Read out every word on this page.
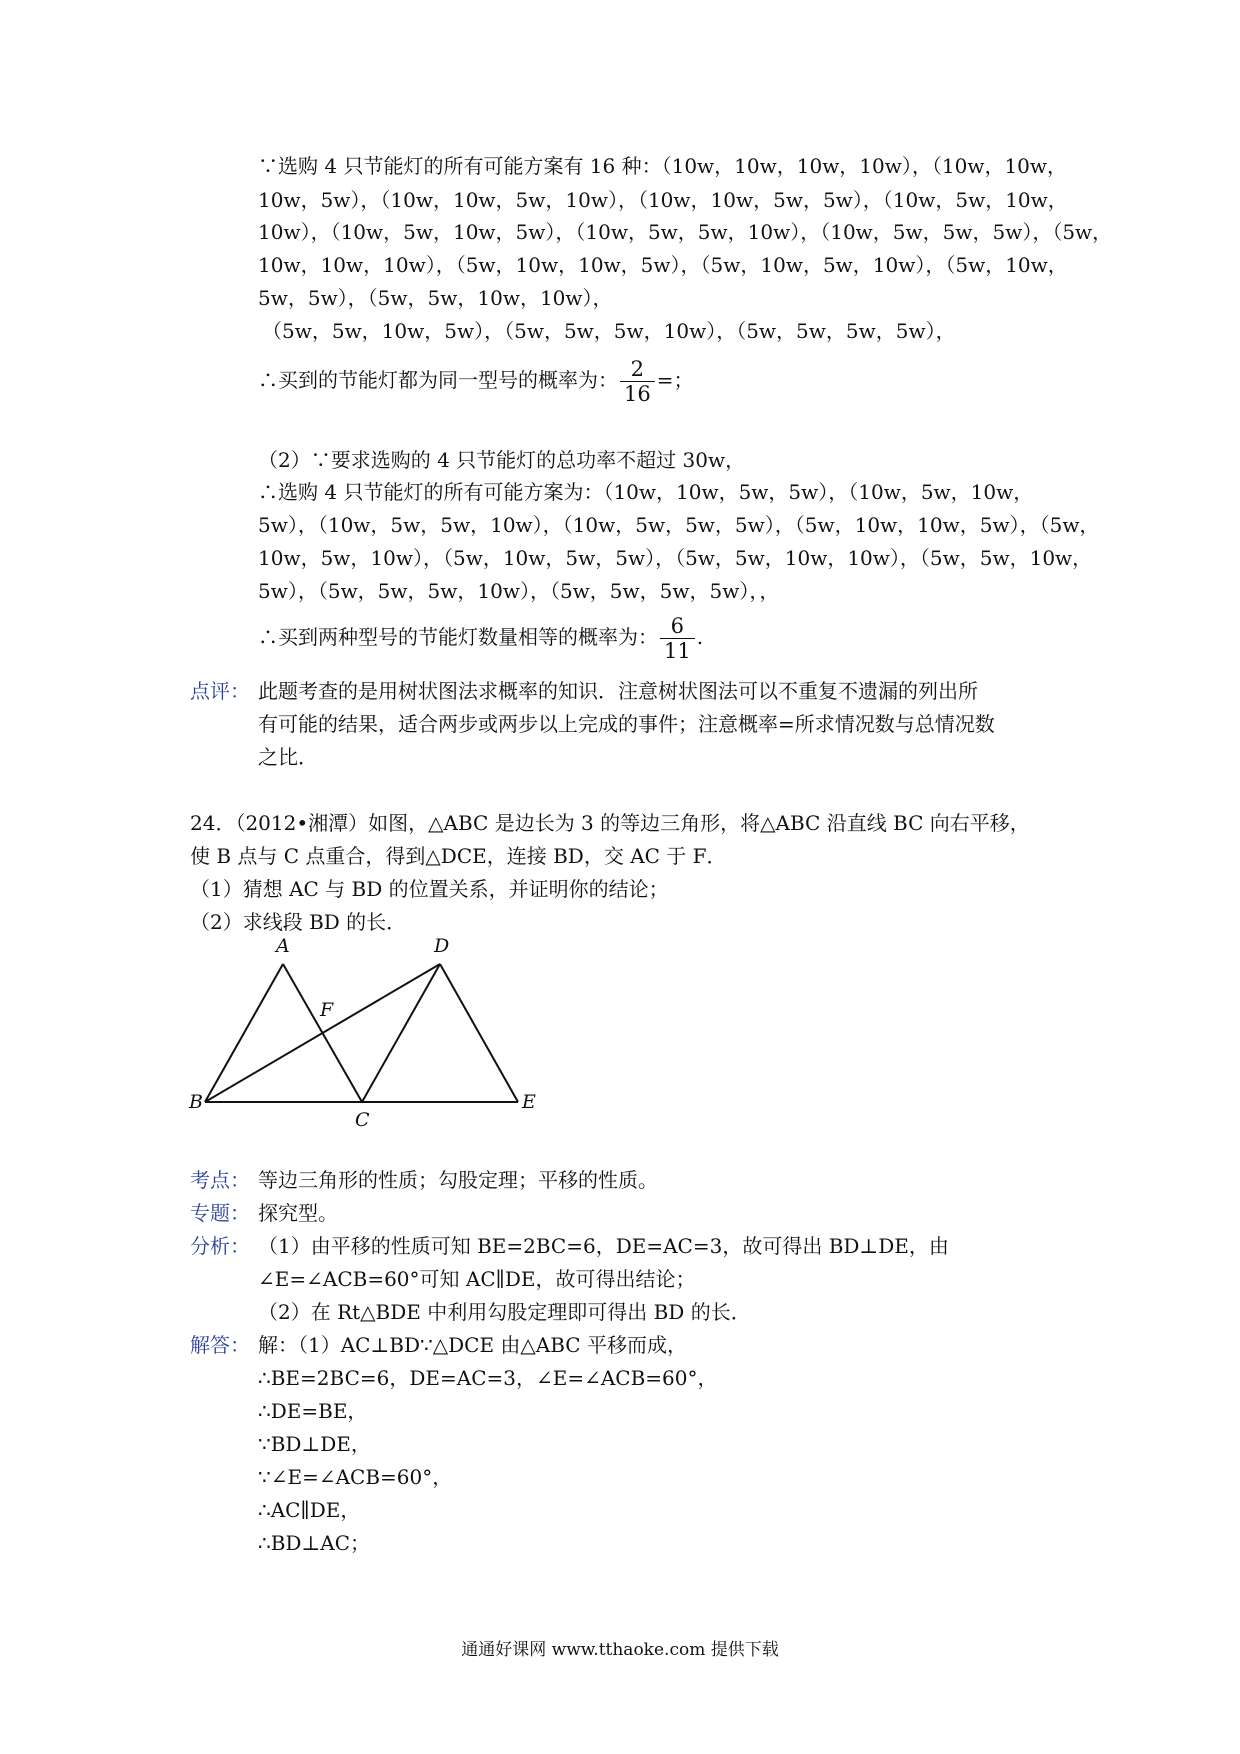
∵选购 4 只节能灯的所有可能方案有 16 种：（10w，10w，10w，10w），（10w，10w，
10w，5w），（10w，10w，5w，10w），（10w，10w，5w，5w），（10w，5w，10w，
10w），（10w，5w，10w，5w），（10w，5w，5w，10w），（10w，5w，5w，5w），（5w，
10w，10w，10w），（5w，10w，10w，5w），（5w，10w，5w，10w），（5w，10w，
5w，5w），（5w，5w，10w，10w），
（5w，5w，10w，5w），（5w，5w，5w，10w），（5w，5w，5w，5w），
∴买到的节能灯都为同一型号的概率为： $\frac{2}{16}$ =；
（2）∵要求选购的 4 只节能灯的总功率不超过 30w，
∴选购 4 只节能灯的所有可能方案为：（10w，10w，5w，5w），（10w，5w，10w，
5w），（10w，5w，5w，10w），（10w，5w，5w，5w），（5w，10w，10w，5w），（5w，
10w，5w，10w），（5w，10w，5w，5w），（5w，5w，10w，10w），（5w，5w，10w，
5w），（5w，5w，5w，10w），（5w，5w，5w，5w），，
∴买到两种型号的节能灯数量相等的概率为： $\frac{6}{11}$ .
点评： 此题考查的是用树状图法求概率的知识．注意树状图法可以不重复不遗漏的列出所
有可能的结果，适合两步或两步以上完成的事件；注意概率=所求情况数与总情况数
之比．
24．（2012•湘潭）如图，△ABC 是边长为 3 的等边三角形，将△ABC 沿直线 BC 向右平移，
使 B 点与 C 点重合，得到△DCE，连接 BD，交 AC 于 F．
（1）猜想 AC 与 BD 的位置关系，并证明你的结论；
（2）求线段 BD 的长．
A	D
F
B
C
E
考点： 等边三角形的性质；勾股定理；平移的性质。
专题： 探究型。
分析： （1）由平移的性质可知 BE=2BC=6，DE=AC=3，故可得出 BD⊥DE，由
∠E=∠ACB=60°可知 AC∥DE，故可得出结论；
（2）在 Rt△BDE 中利用勾股定理即可得出 BD 的长．
解答： 解：（1）AC⊥BD∵△DCE 由△ABC 平移而成，
∴BE=2BC=6，DE=AC=3，∠E=∠ACB=60°，
∴DE=BE，
∵BD⊥DE，
∵∠E=∠ACB=60°，
∴AC∥DE，
∴BD⊥AC；
通通好课网 www.tthaoke.com 提供下载
